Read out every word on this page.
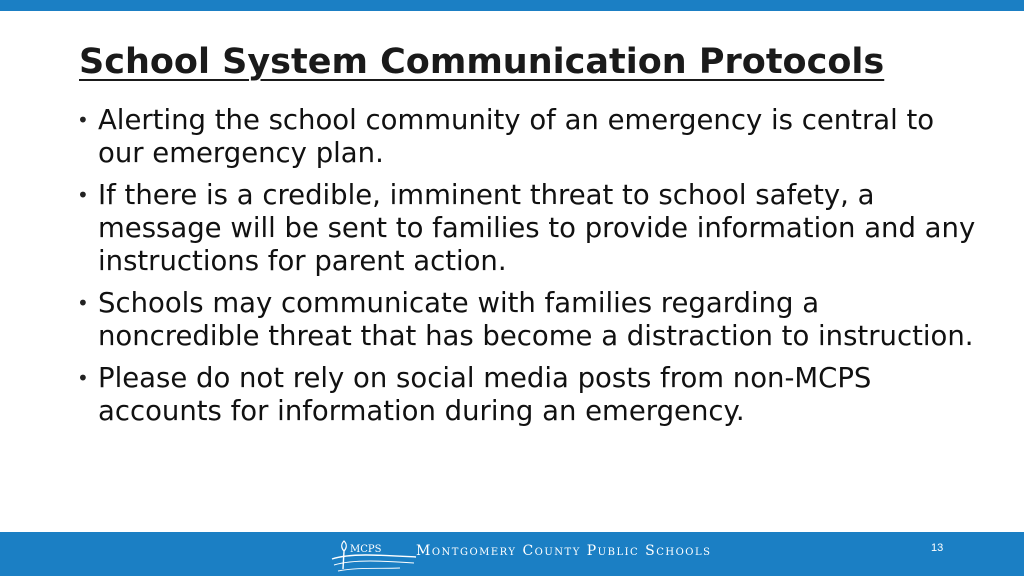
School System Communication Protocols
• Alerting the school community of an emergency is central to our emergency plan.
• If there is a credible, imminent threat to school safety, a message will be sent to families to provide information and any instructions for parent action.
• Schools may communicate with families regarding a noncredible threat that has become a distraction to instruction.
• Please do not rely on social media posts from non-MCPS accounts for information during an emergency.
MCPS Montgomery County Public Schools	13
